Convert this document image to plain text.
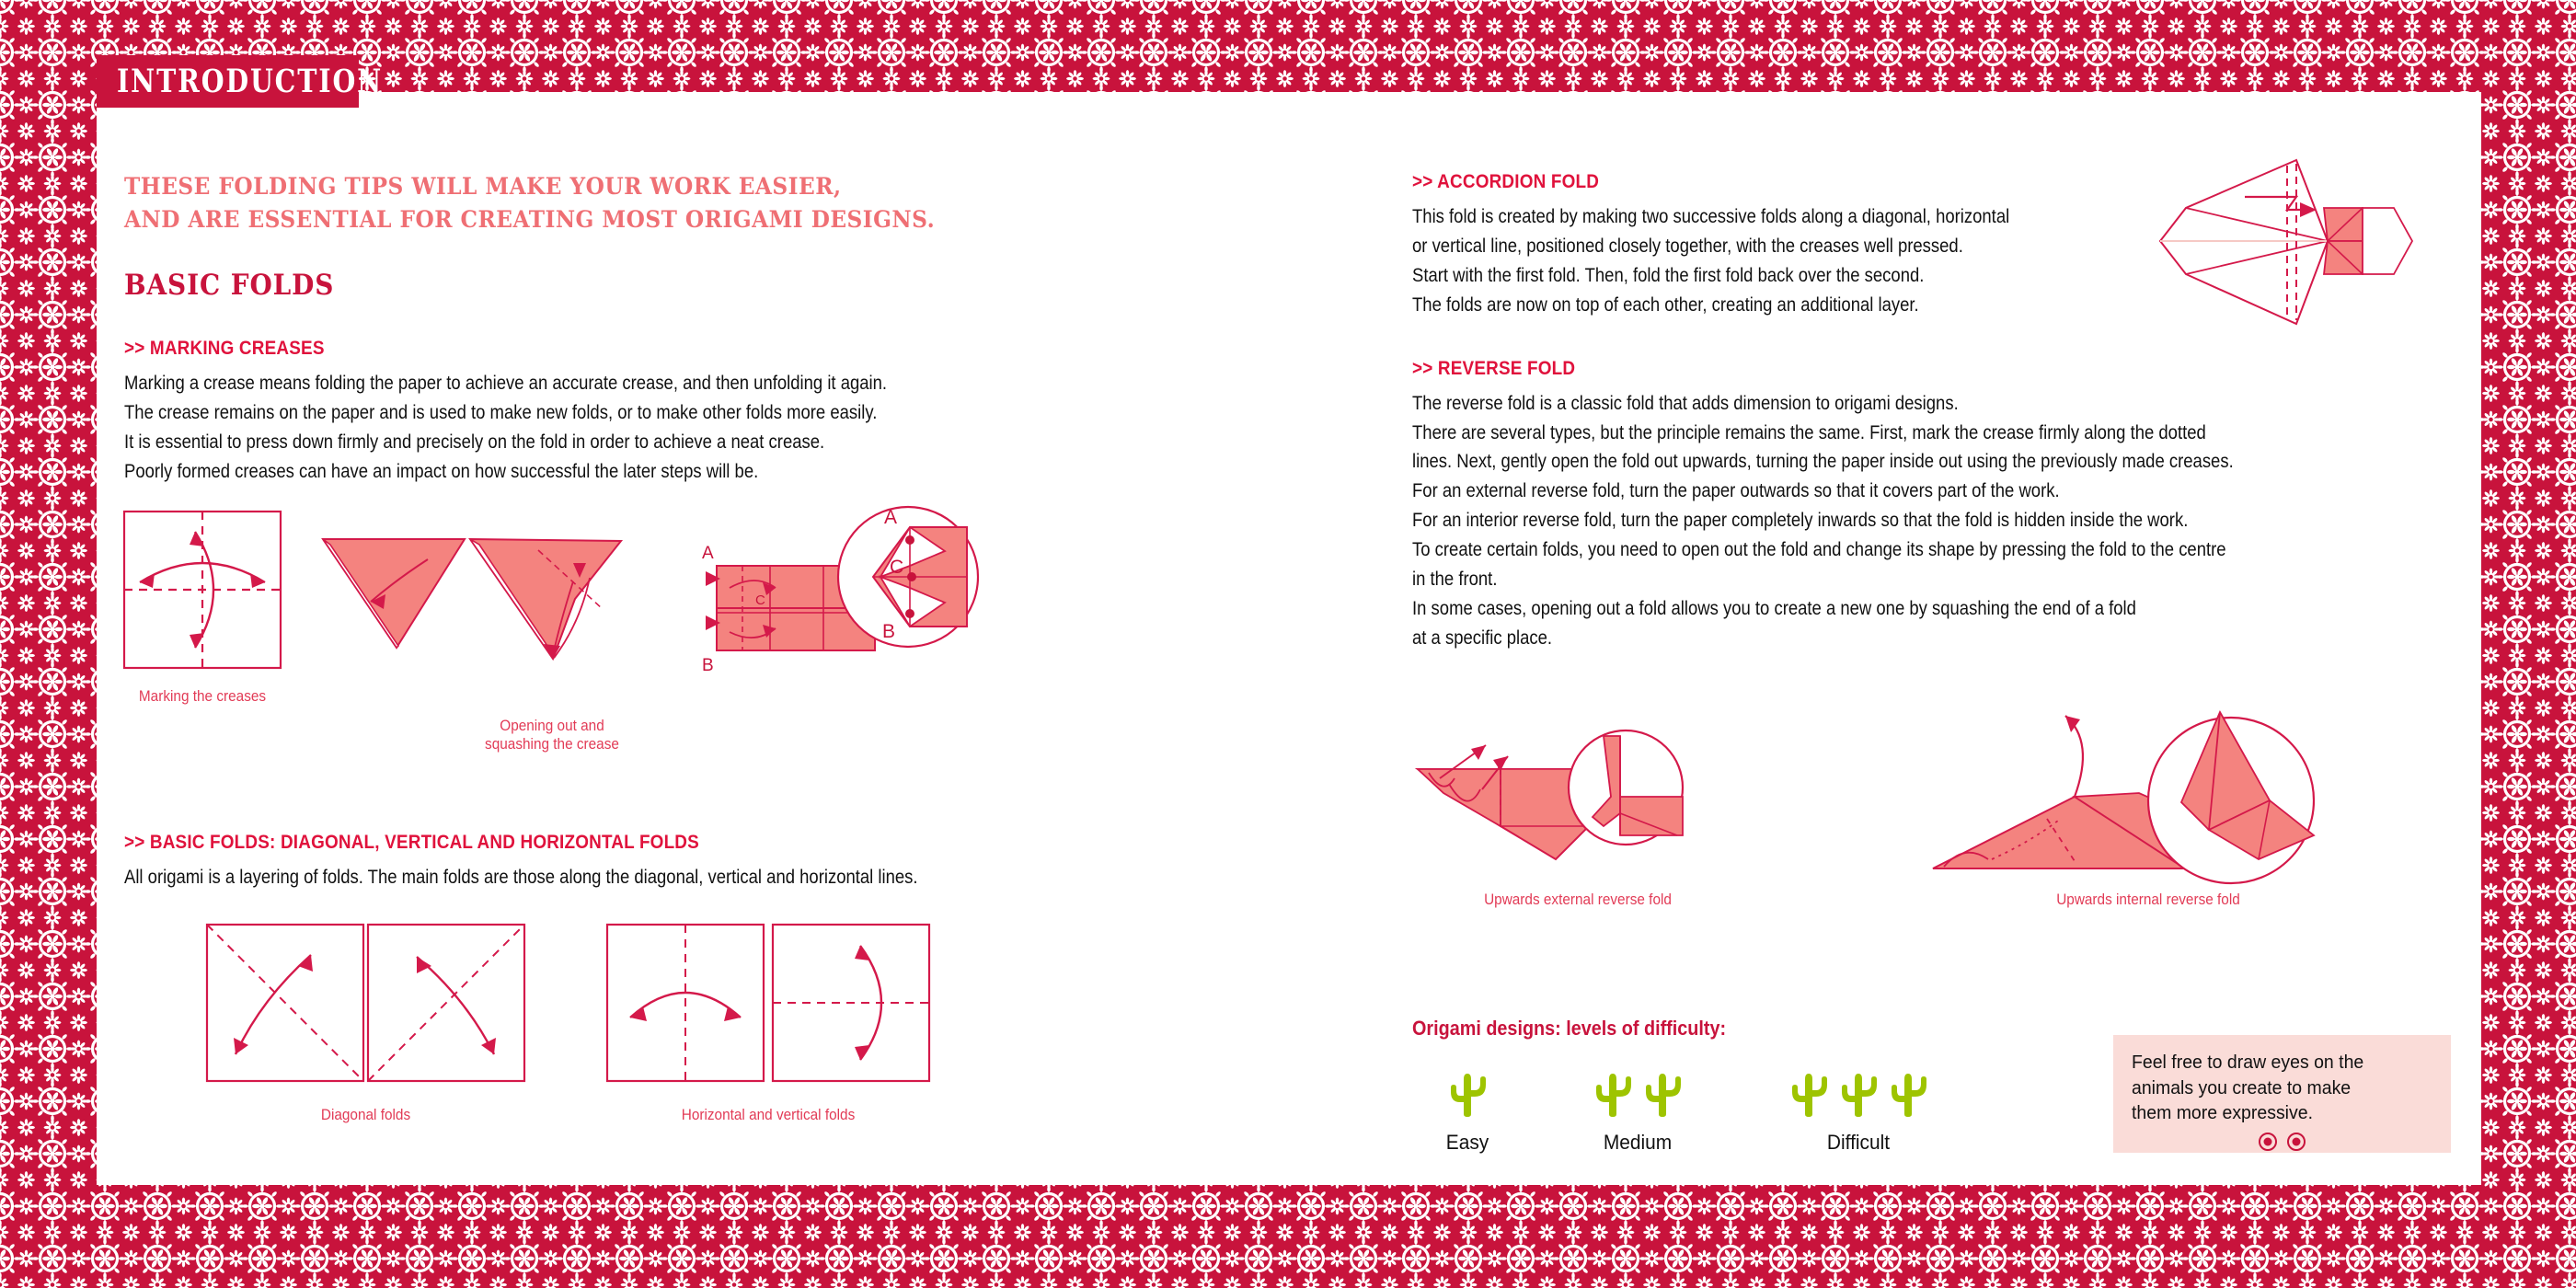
INTRODUCTION
THESE FOLDING TIPS WILL MAKE YOUR WORK EASIER,
AND ARE ESSENTIAL FOR CREATING MOST ORIGAMI DESIGNS.
BASIC FOLDS
>> MARKING CREASES
Marking a crease means folding the paper to achieve an accurate crease, and then unfolding it again.
The crease remains on the paper and is used to make new folds, or to make other folds more easily.
It is essential to press down firmly and precisely on the fold in order to achieve a neat crease.
Poorly formed creases can have an impact on how successful the later steps will be.
Marking the creases
Opening out and
squashing the crease
A
B
C
A
B
C
>> BASIC FOLDS: DIAGONAL, VERTICAL AND HORIZONTAL FOLDS
All origami is a layering of folds. The main folds are those along the diagonal, vertical and horizontal lines.
Diagonal folds	Horizontal and vertical folds
>> ACCORDION FOLD
This fold is created by making two successive folds along a diagonal, horizontal
or vertical line, positioned closely together, with the creases well pressed.
Start with the first fold. Then, fold the first fold back over the second.
The folds are now on top of each other, creating an additional layer.
>> REVERSE FOLD
The reverse fold is a classic fold that adds dimension to origami designs.
There are several types, but the principle remains the same. First, mark the crease firmly along the dotted
lines. Next, gently open the fold out upwards, turning the paper inside out using the previously made creases.
For an external reverse fold, turn the paper outwards so that it covers part of the work.
For an interior reverse fold, turn the paper completely inwards so that the fold is hidden inside the work.
To create certain folds, you need to open out the fold and change its shape by pressing the fold to the centre
in the front.
In some cases, opening out a fold allows you to create a new one by squashing the end of a fold
at a specific place.
Upwards external reverse fold	Upwards internal reverse fold
Origami designs: levels of difficulty:
Easy	Medium	Difficult
Feel free to draw eyes on the
animals you create to make
them more expressive.
